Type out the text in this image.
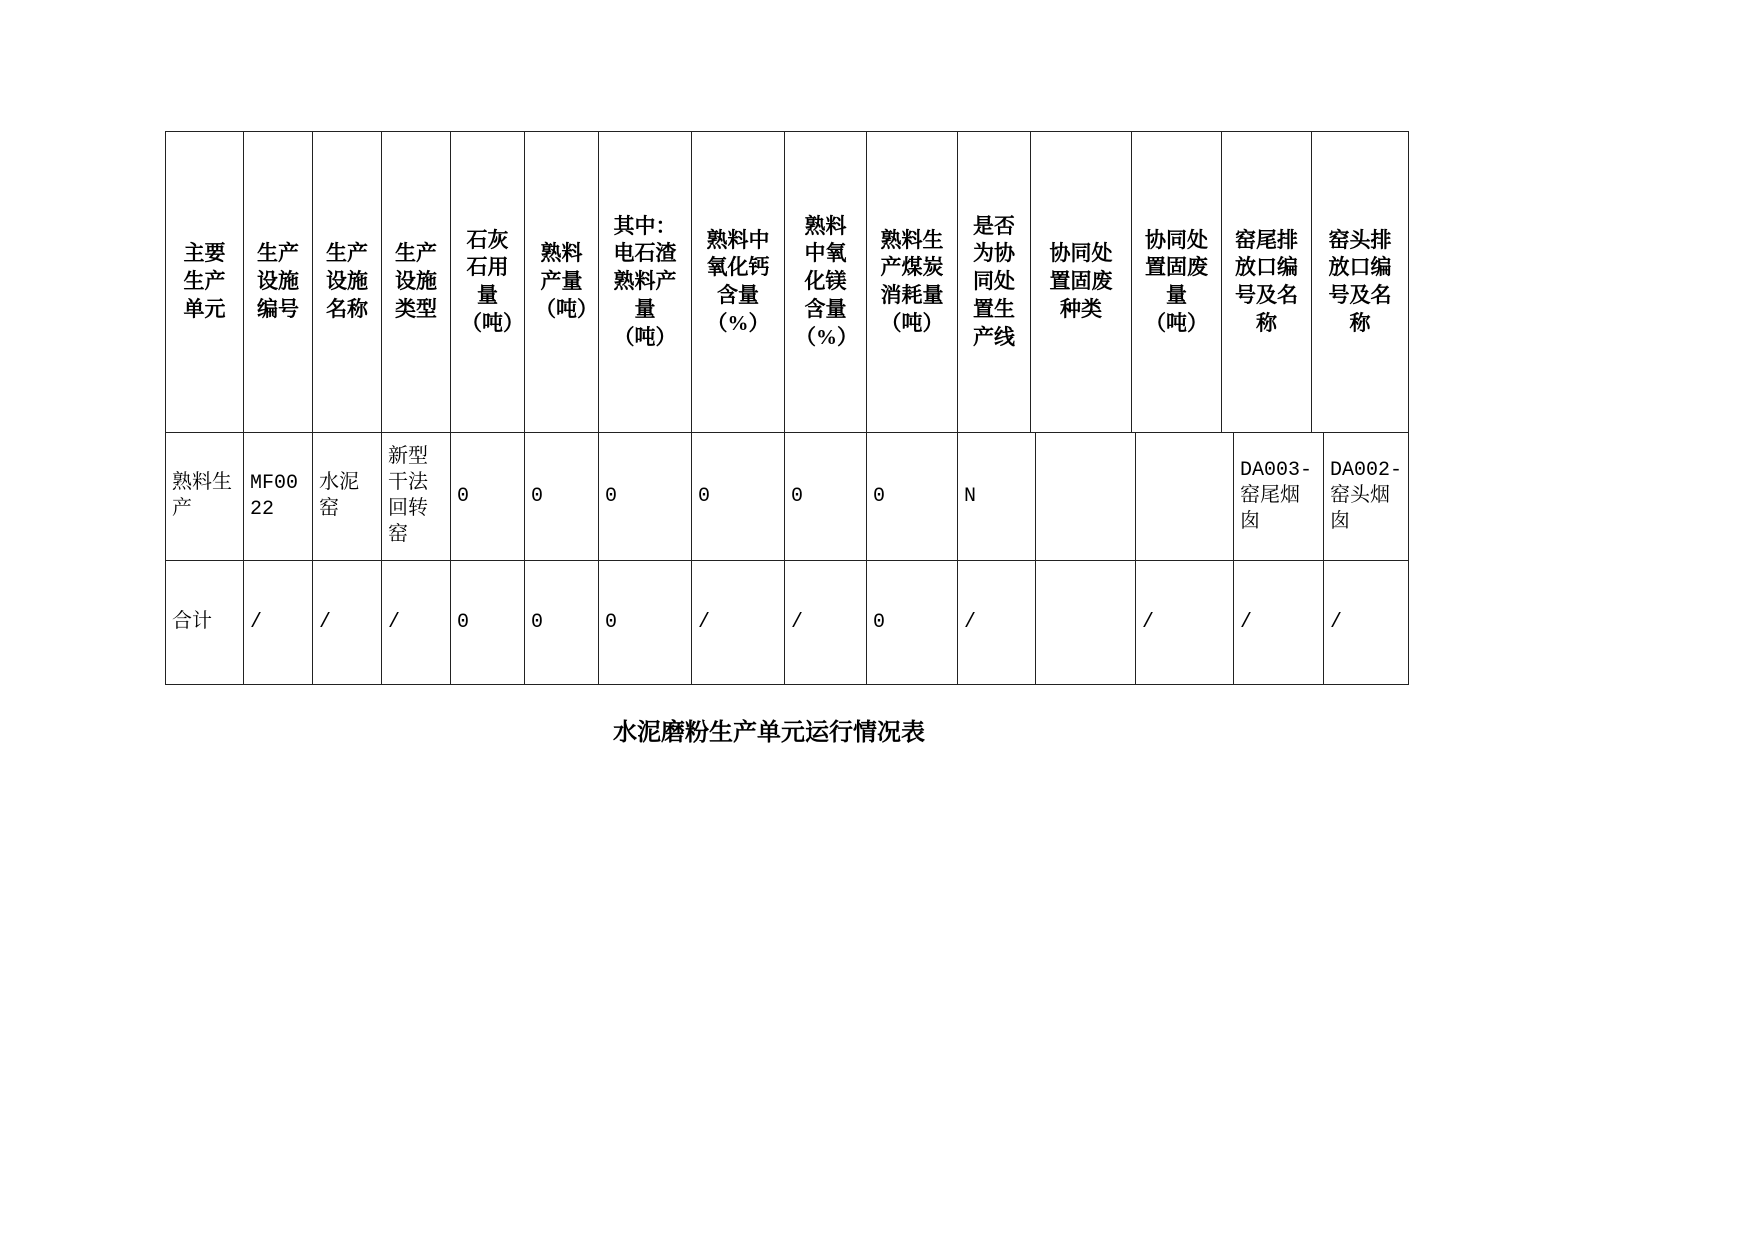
主要生产单元	生产设施编号	生产设施名称	生产设施类型	石灰石用量（吨）	熟料产量（吨）	其中：电石渣熟料产量（吨）	熟料中氧化钙含量（%）	熟料中氧化镁含量（%）	熟料生产煤炭消耗量（吨）	是否为协同处置生产线	协同处置固废种类	协同处置固废量（吨）	窑尾排放口编号及名称	窑头排放口编号及名称
熟料生产	MF0022	水泥窑	新型干法回转窑	0	0	0	0	0	0	N			DA003-窑尾烟囱	DA002-窑头烟囱
合计	/	/	/	0	0	0	/	/	0	/		/	/	/
水泥磨粉生产单元运行情况表
